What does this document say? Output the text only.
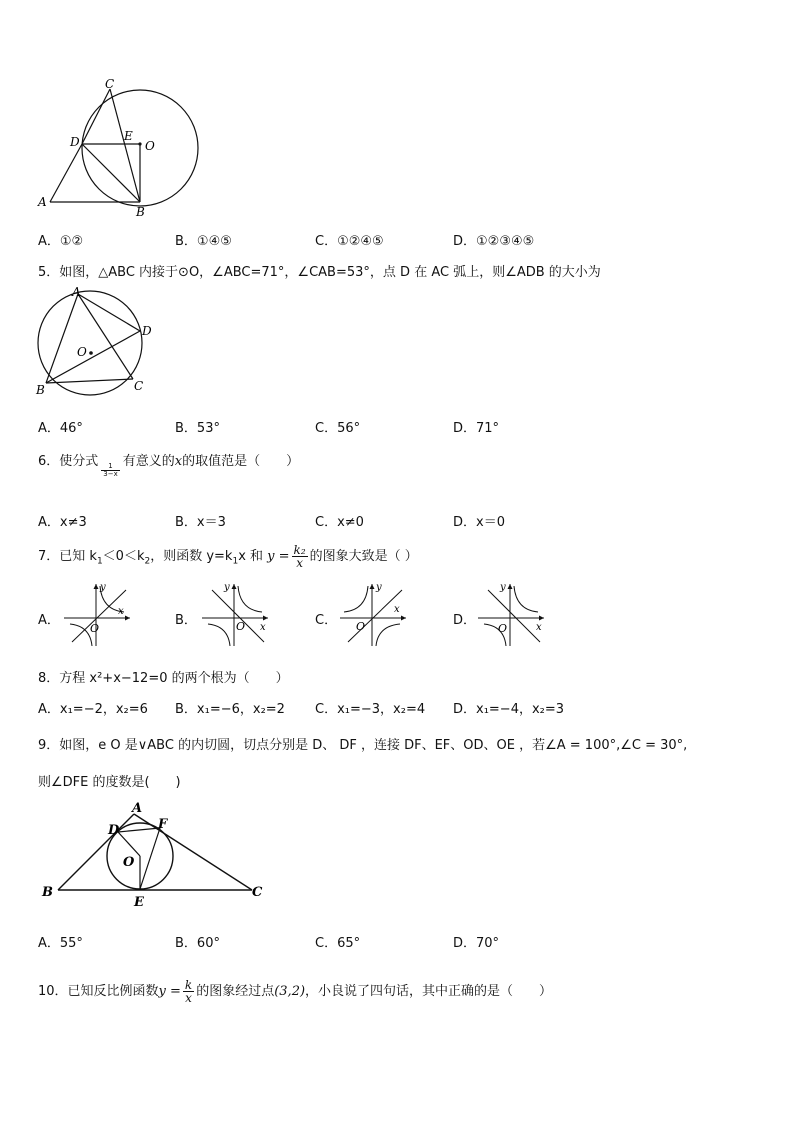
C
D	E
O
A
B
A．①②	B．①④⑤	C．①②④⑤	D．①②③④⑤
5．如图，△ABC 内接于⊙O，∠ABC=71°，∠CAB=53°，点 D 在 AC 弧上，则∠ADB 的大小为
A
D
O
B	C
A．46°	B．53°	C．56°	D．71°
6．使分式
$\frac{1}{3-x}$
有意义的x的取值范是（　　）
A．x≠3	B．x＝3	C．x≠0	D．x＝0
7．已知 $k_1<0<k_2$，则函数 $y=k_1x$ 和 $y = \frac{\text{k₂}}{x}$ 的图象大致是（ ）
A．
x
y
O
B．	x
y
O	C．
x
y
O	D．	x
y
O
8．方程 x²+x−12=0 的两个根为（　　）
A．x₁=−2，x₂=6 B．x₁=−6，x₂=2 C．x₁=−3，x₂=4 D．x₁=−4，x₂=3
9．如图，e O 是∨ABC 的内切圆，切点分别是 D、 DF ，连接 DF、EF、OD、OE ，若∠A = 100°,∠C = 30°,
则∠DFE 的度数是(　　)
A
D	F
O
B
E
C
A．55°	B．60°	C．65°	D．70°
10．已知反比例函数$y = \frac{k}{x}$ 的图象经过点(3,2)，小良说了四句话，其中正确的是（　　）
